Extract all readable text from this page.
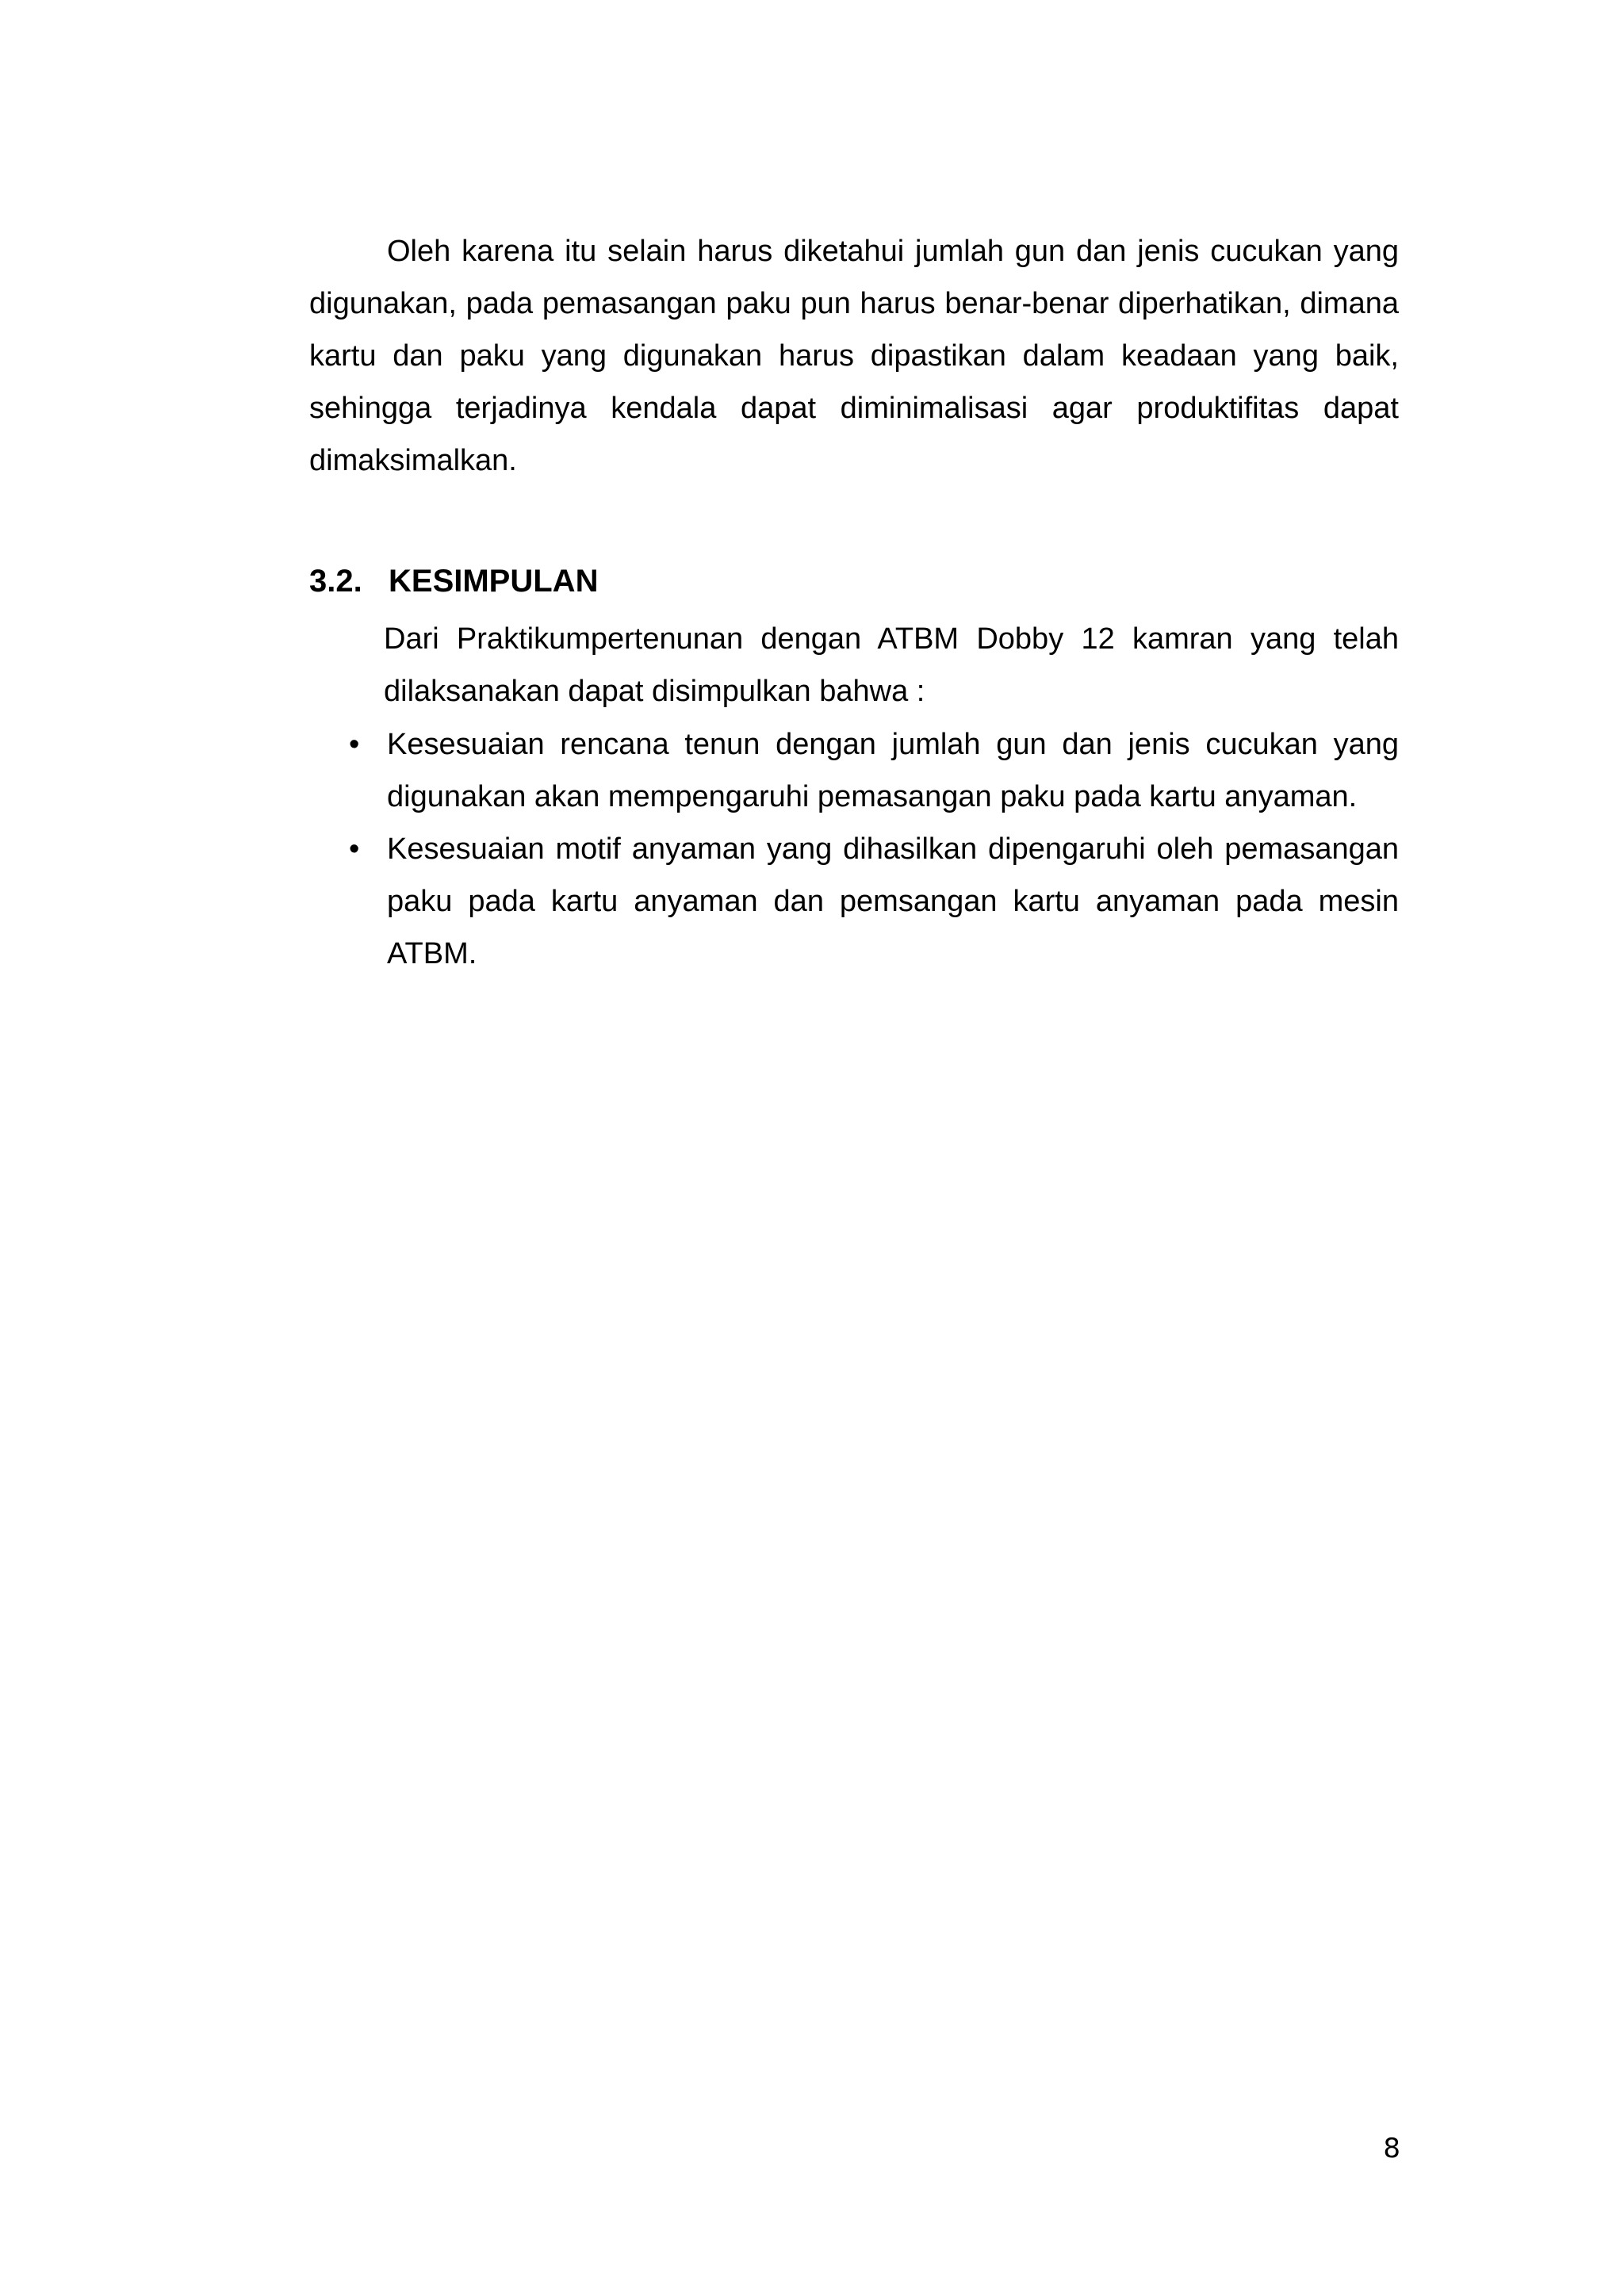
Oleh karena itu selain harus diketahui jumlah gun dan jenis cucukan yang digunakan, pada pemasangan paku pun harus benar-benar diperhatikan, dimana kartu dan paku yang digunakan harus dipastikan dalam keadaan yang baik, sehingga terjadinya kendala dapat diminimalisasi agar produktifitas dapat dimaksimalkan.

3.2. KESIMPULAN

Dari Praktikumpertenunan dengan ATBM Dobby 12 kamran yang telah dilaksanakan dapat disimpulkan bahwa :

• Kesesuaian rencana tenun dengan jumlah gun dan jenis cucukan yang digunakan akan mempengaruhi pemasangan paku pada kartu anyaman.
• Kesesuaian motif anyaman yang dihasilkan dipengaruhi oleh pemasangan paku pada kartu anyaman dan pemsangan kartu anyaman pada mesin ATBM.
8
